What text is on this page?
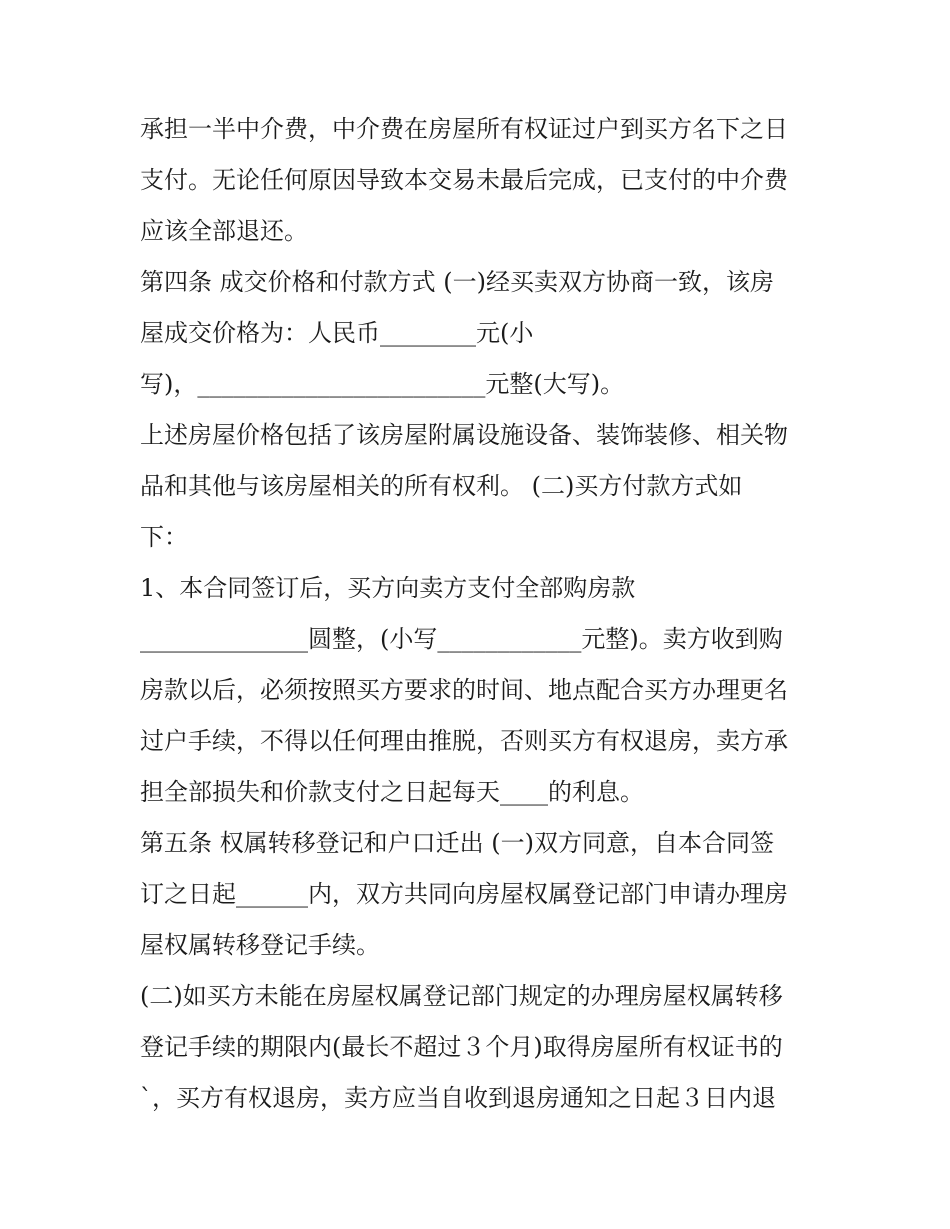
承担一半中介费，中介费在房屋所有权证过户到买方名下之日
支付。无论任何原因导致本交易未最后完成，已支付的中介费
应该全部退还。
第四条 成交价格和付款方式 (一)经买卖双方协商一致，该房
屋成交价格为：人民币________元(小
写)，________________________元整(大写)。
上述房屋价格包括了该房屋附属设施设备、装饰装修、相关物
品和其他与该房屋相关的所有权利。 (二)买方付款方式如
下：
1、本合同签订后，买方向卖方支付全部购房款
______________圆整，(小写____________元整)。卖方收到购
房款以后，必须按照买方要求的时间、地点配合买方办理更名
过户手续，不得以任何理由推脱，否则买方有权退房，卖方承
担全部损失和价款支付之日起每天____的利息。
第五条 权属转移登记和户口迁出 (一)双方同意，自本合同签
订之日起______内，双方共同向房屋权属登记部门申请办理房
屋权属转移登记手续。
(二)如买方未能在房屋权属登记部门规定的办理房屋权属转移
登记手续的期限内(最长不超过３个月)取得房屋所有权证书的
`，买方有权退房，卖方应当自收到退房通知之日起３日内退
